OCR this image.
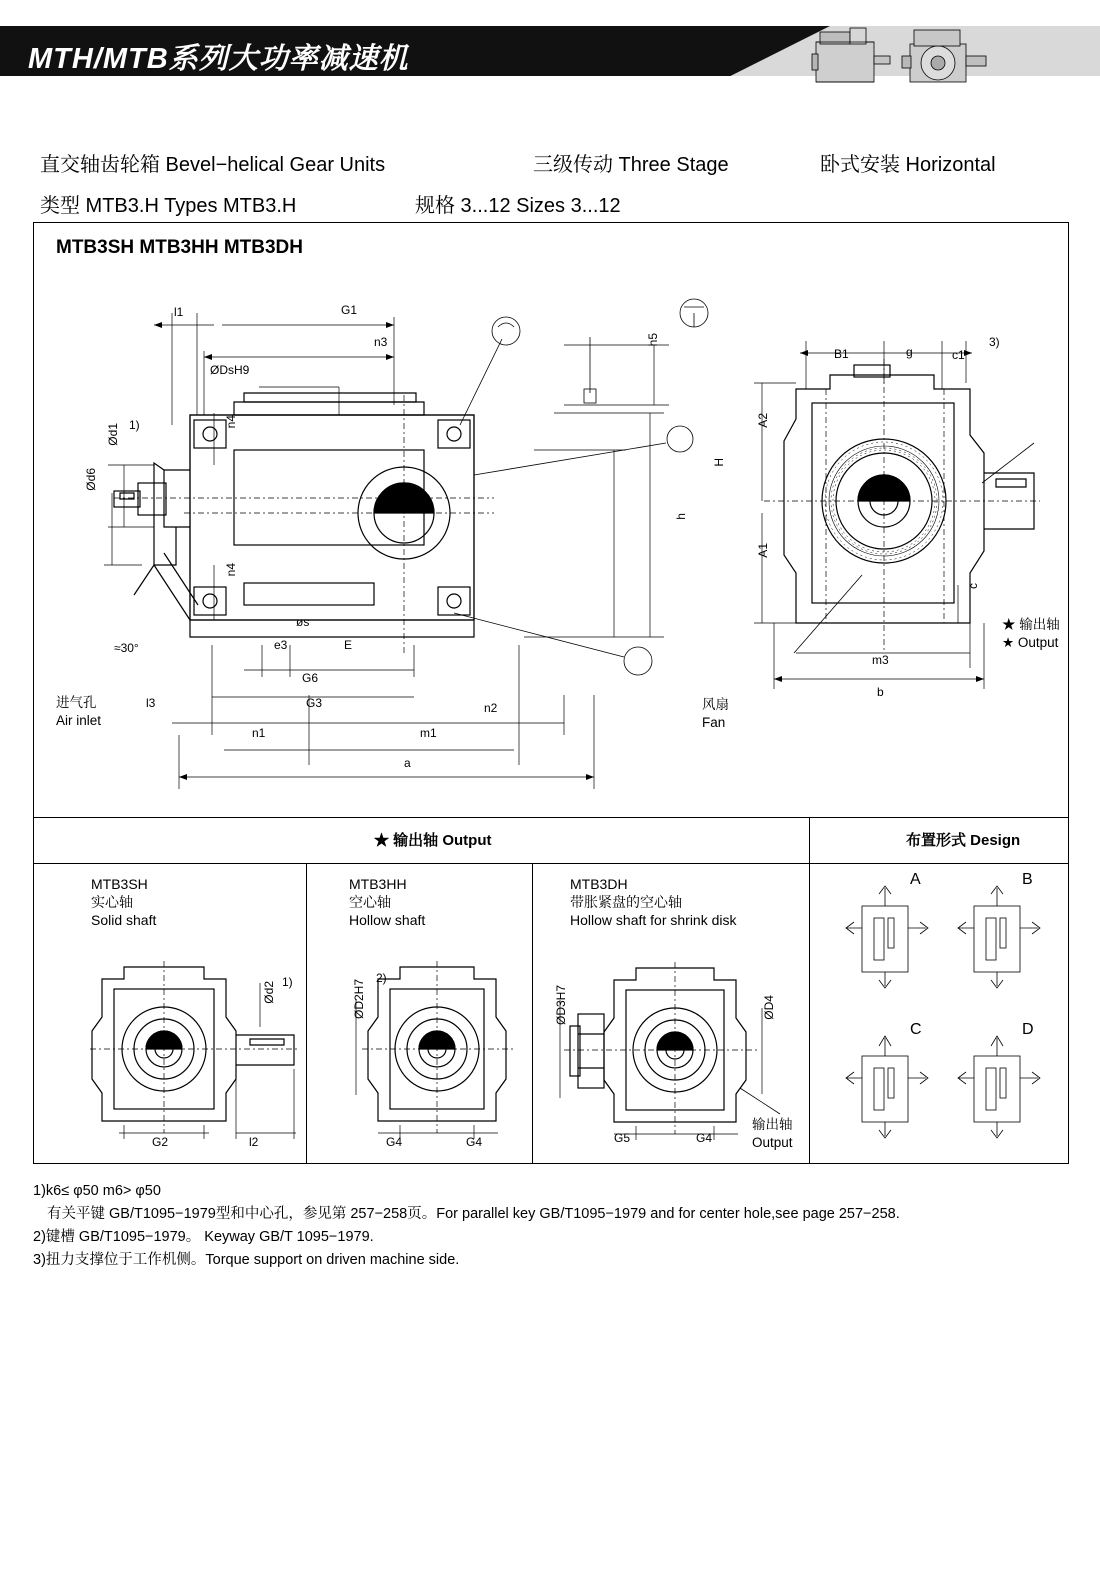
MTH/MTB系列大功率减速机
直交轴齿轮箱 Bevel−helical Gear Units	三级传动 Three Stage	卧式安装 Horizontal
类型 MTB3.H Types MTB3.H	规格 3...12 Sizes 3...12
MTB3SH MTB3HH MTB3DH
★ 输出轴 Output	布置形式 Design
MTB3SH
实心轴
Solid shaft
MTB3HH
空心轴
Hollow shaft
MTB3DH
带胀紧盘的空心轴
Hollow shaft for shrink disk
l1	G1
n3	h5
ØDsH9
n4
n4
Ød1 1)
Ød6
H
h
øs
e3	E
G6
≈30°
l3	G3	n2
n1	m1
a
进气孔
Air inlet
B1	g	c1
3)
A2
A1
c
m3
b
★ 输出轴
★ Output
风扇
Fan
Ød2 1)
G2	l2
ØD2H7
2)
G4	G4
ØD3H7	ØD4
G5	G4
输出轴
Output
A	B
C	D
1)k6≤ φ50 m6> φ50
有关平键 GB/T1095−1979型和中心孔，参见第 257−258页。For parallel key GB/T1095−1979 and for center hole,see page 257−258.
2)键槽 GB/T1095−1979。 Keyway GB/T 1095−1979.
3)扭力支撑位于工作机侧。Torque support on driven machine side.
